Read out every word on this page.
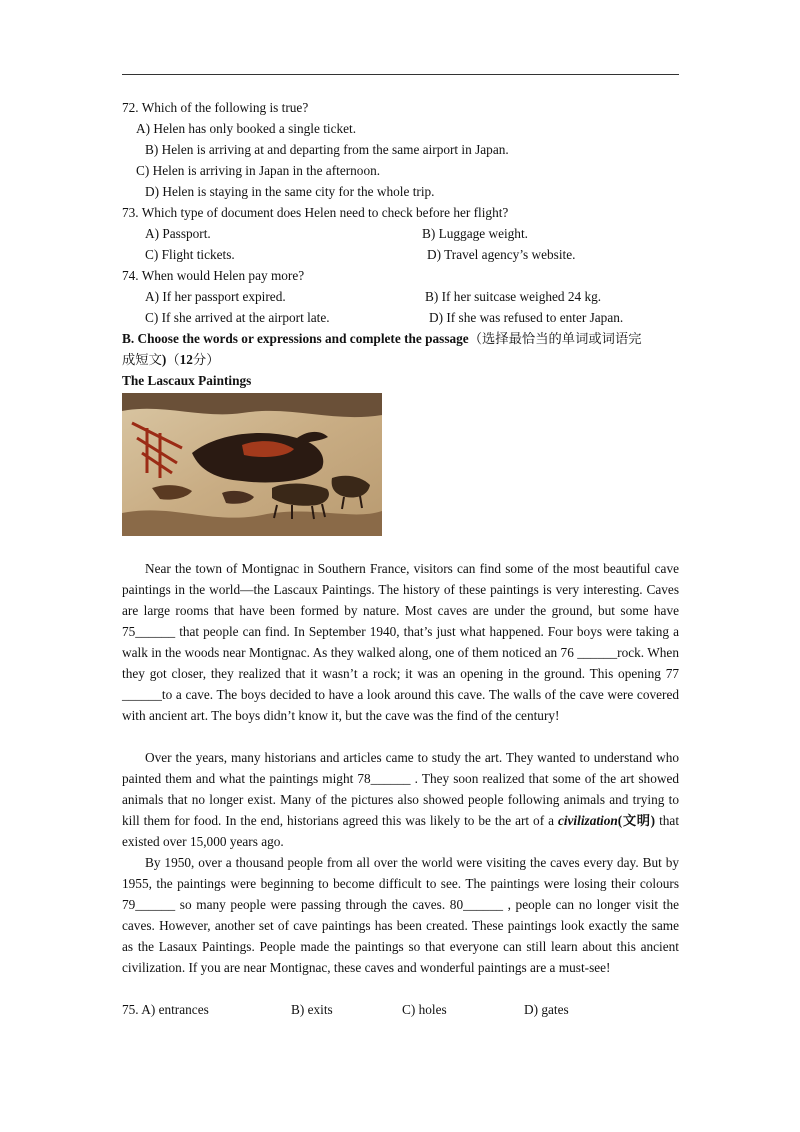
72. Which of the following is true?
A) Helen has only booked a single ticket.
B) Helen is arriving at and departing from the same airport in Japan.
C) Helen is arriving in Japan in the afternoon.
D) Helen is staying in the same city for the whole trip.
73. Which type of document does Helen need to check before her flight?
A) Passport.	B) Luggage weight.
C) Flight tickets.	D) Travel agency’s website.
74. When would Helen pay more?
A) If her passport expired.	B) If her suitcase weighed 24 kg.
C) If she arrived at the airport late.	D) If she was refused to enter Japan.
B. Choose the words or expressions and complete the passage（选择最恰当的单词或词语完
成短文)（12分）
The Lascaux Paintings

Near the town of Montignac in Southern France, visitors can find some of the most beautiful cave paintings in the world—the Lascaux Paintings. The history of these paintings is very interesting. Caves are large rooms that have been formed by nature. Most caves are under the ground, but some have 75______ that people can find. In September 1940, that’s just what happened. Four boys were taking a walk in the woods near Montignac. As they walked along, one of them noticed an 76 ______rock. When they got closer, they realized that it wasn’t a rock; it was an opening in the ground. This opening 77 ______to a cave. The boys decided to have a look around this cave. The walls of the cave were covered with ancient art. The boys didn’t know it, but the cave was the find of the century!

Over the years, many historians and articles came to study the art. They wanted to understand who painted them and what the paintings might 78______ . They soon realized that some of the art showed animals that no longer exist. Many of the pictures also showed people following animals and trying to kill them for food. In the end, historians agreed this was likely to be the art of a civilization(文明) that existed over 15,000 years ago.

By 1950, over a thousand people from all over the world were visiting the caves every day. But by 1955, the paintings were beginning to become difficult to see. The paintings were losing their colours 79______ so many people were passing through the caves. 80______ , people can no longer visit the caves. However, another set of cave paintings has been created. These paintings look exactly the same as the Lasaux Paintings. People made the paintings so that everyone can still learn about this ancient civilization. If you are near Montignac, these caves and wonderful paintings are a must-see!

75. A) entrances	B) exits	C) holes	D) gates
